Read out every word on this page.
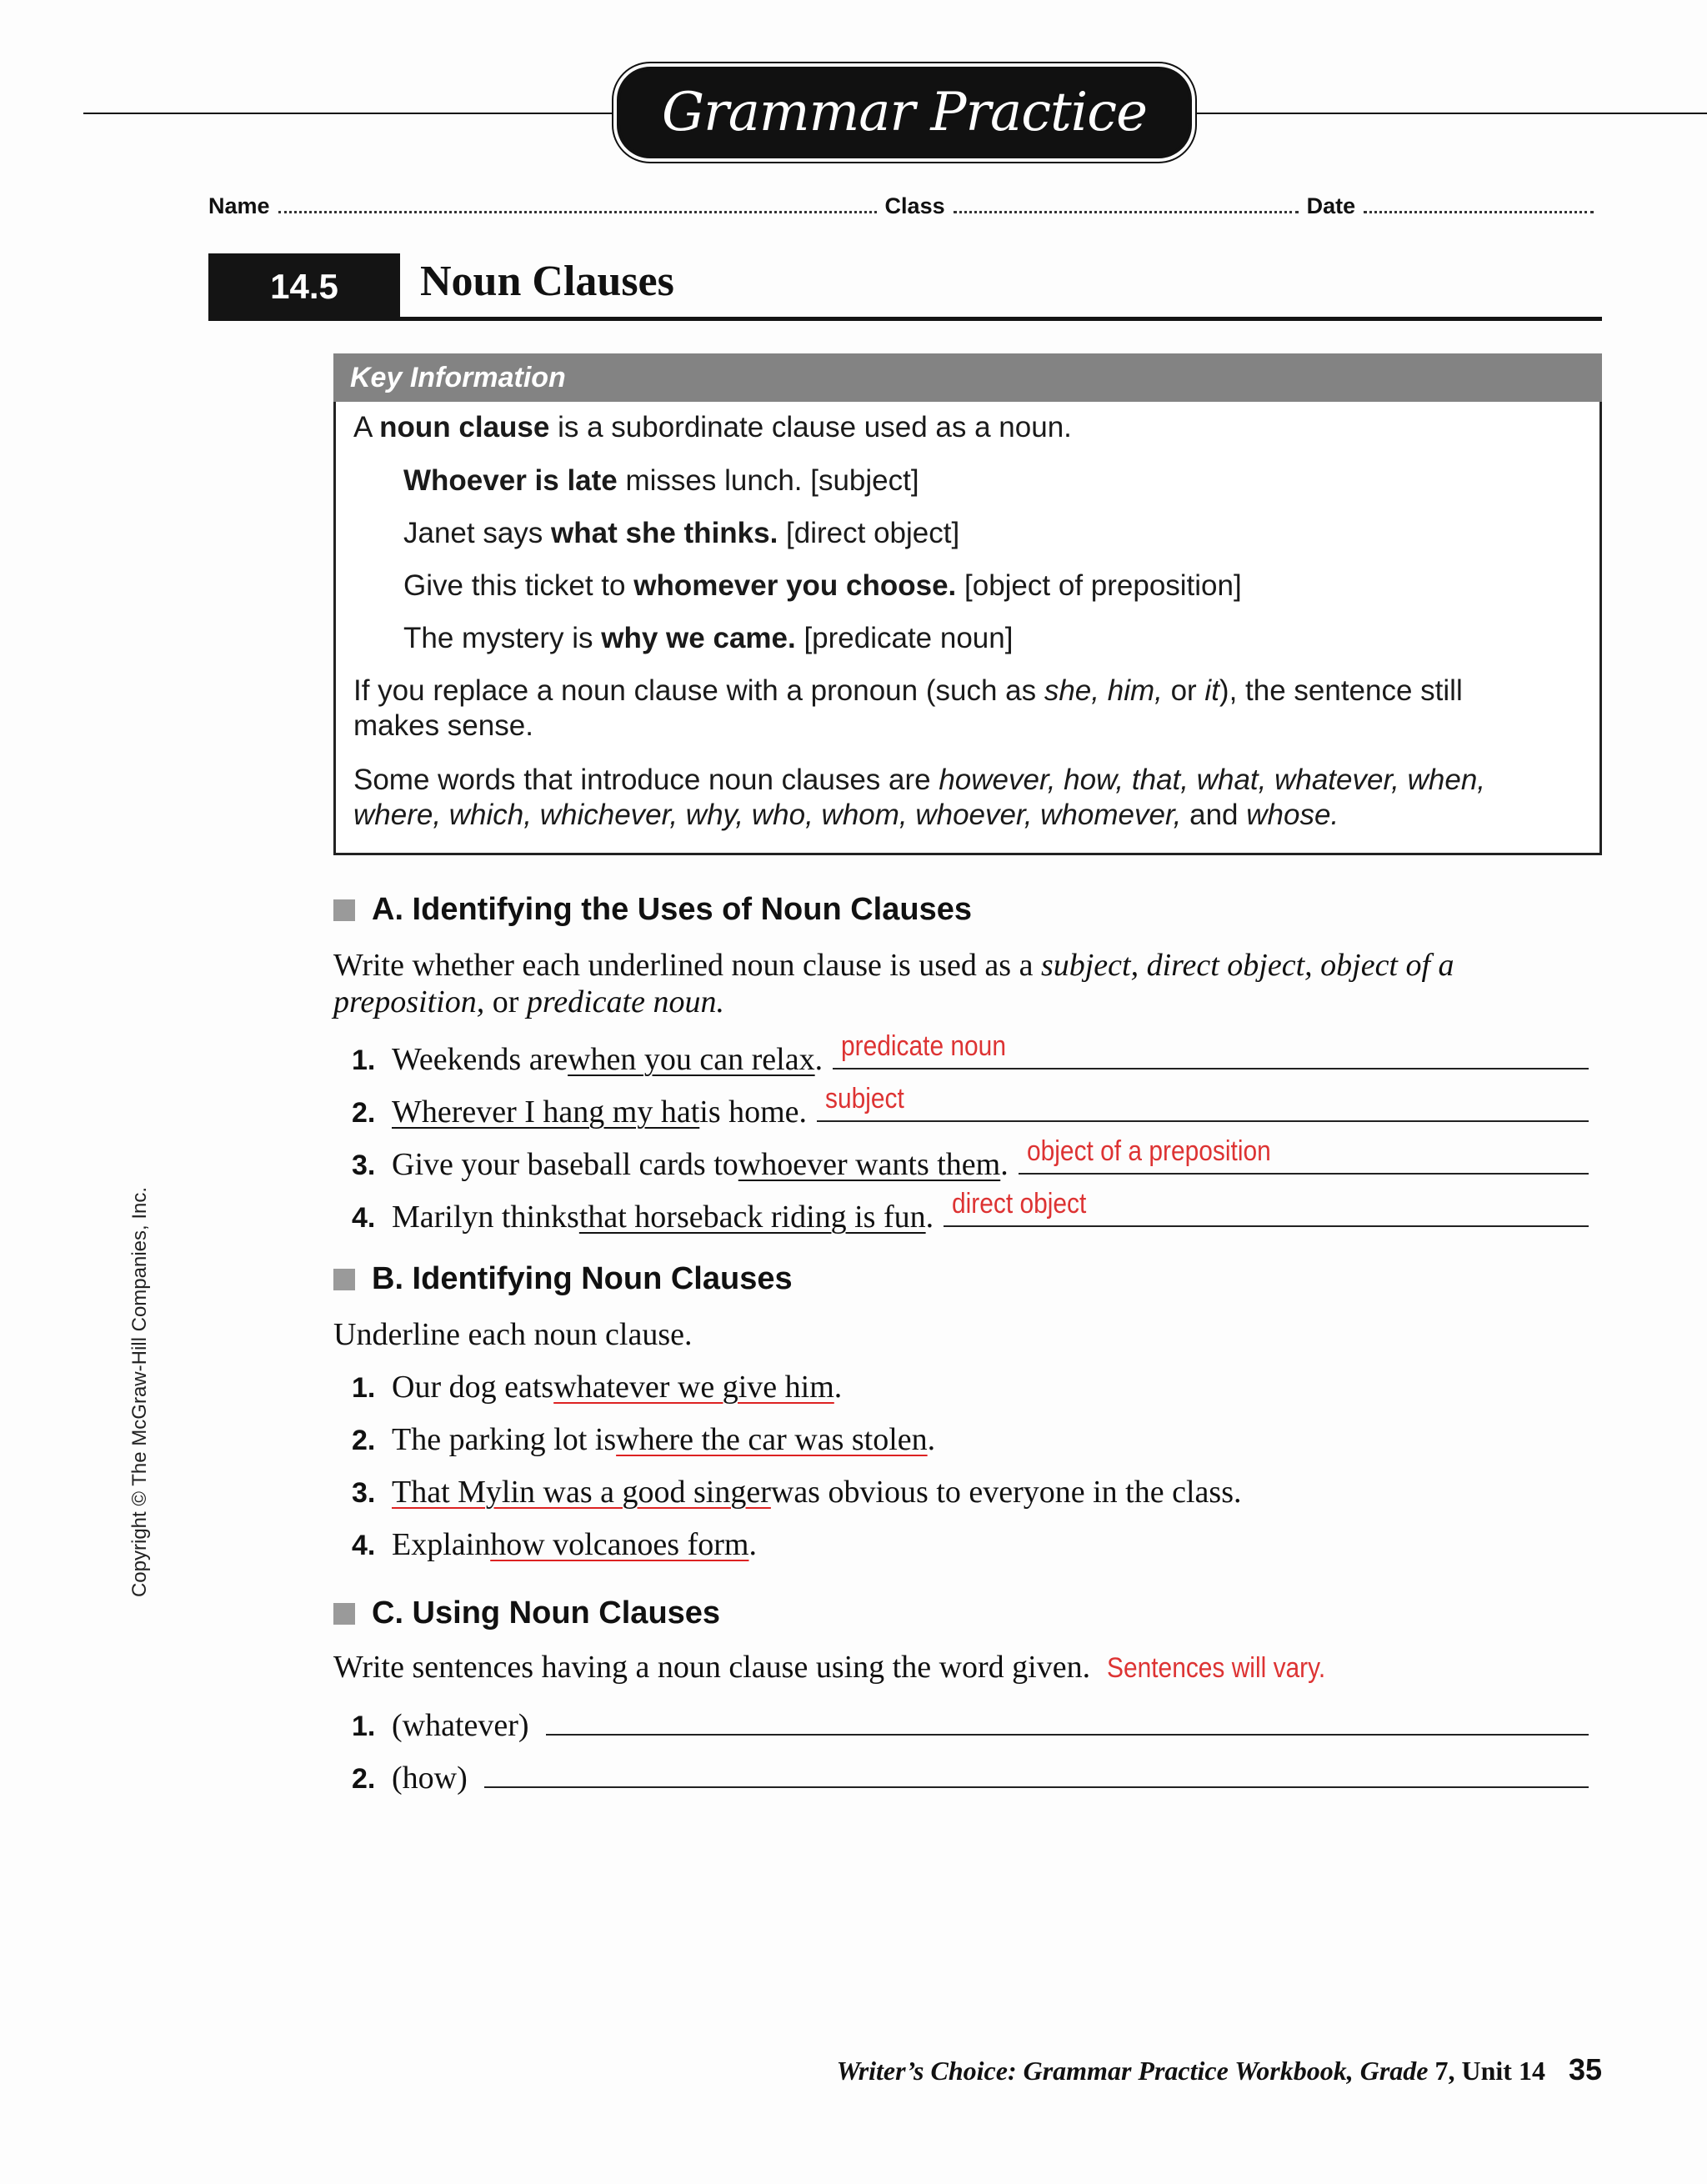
Grammar Practice
Name	Class	Date
14.5	Noun Clauses
Key Information
A noun clause is a subordinate clause used as a noun.
Whoever is late misses lunch. [subject]
Janet says what she thinks. [direct object]
Give this ticket to whomever you choose. [object of preposition]
The mystery is why we came. [predicate noun]
If you replace a noun clause with a pronoun (such as she, him, or it), the sentence still makes sense.
Some words that introduce noun clauses are however, how, that, what, whatever, when, where, which, whichever, why, who, whom, whoever, whomever, and whose.
A. Identifying the Uses of Noun Clauses
Write whether each underlined noun clause is used as a subject, direct object, object of a preposition, or predicate noun.
1. Weekends are when you can relax . predicate noun
2. Wherever I hang my hat is home. subject
3. Give your baseball cards to whoever wants them . object of a preposition
4. Marilyn thinks that horseback riding is fun . direct object
B. Identifying Noun Clauses
Underline each noun clause.
1. Our dog eats whatever we give him .
2. The parking lot is where the car was stolen .
3. That Mylin was a good singer was obvious to everyone in the class.
4. Explain how volcanoes form .
C. Using Noun Clauses
Write sentences having a noun clause using the word given. Sentences will vary.
1. (whatever)
2. (how)
Copyright © The McGraw-Hill Companies, Inc.
Writer’s Choice: Grammar Practice Workbook, Grade 7, Unit 14 35
